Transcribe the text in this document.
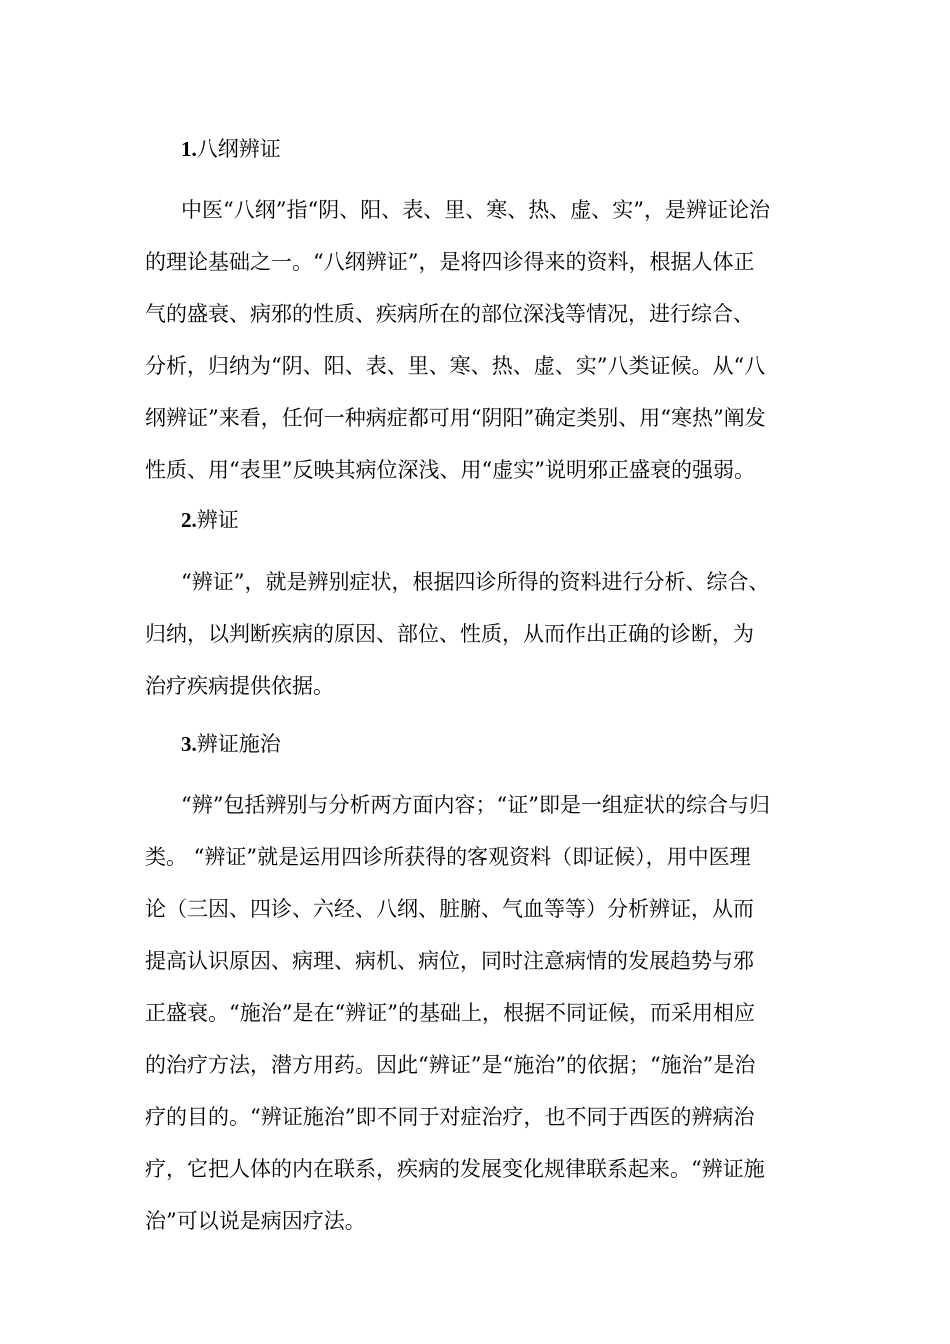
1.八纲辨证
中医“八纲”指“阴、阳、表、里、寒、热、虚、实”，是辨证论治
的理论基础之一。“八纲辨证”，是将四诊得来的资料，根据人体正
气的盛衰、病邪的性质、疾病所在的部位深浅等情况，进行综合、
分析，归纳为“阴、阳、表、里、寒、热、虚、实”八类证候。从“八
纲辨证”来看，任何一种病症都可用“阴阳”确定类别、用“寒热”阐发
性质、用“表里”反映其病位深浅、用“虚实”说明邪正盛衰的强弱。
2.辨证
“辨证”，就是辨别症状，根据四诊所得的资料进行分析、综合、
归纳，以判断疾病的原因、部位、性质，从而作出正确的诊断，为
治疗疾病提供依据。
3.辨证施治
“辨”包括辨别与分析两方面内容；“证”即是一组症状的综合与归
类。 “辨证”就是运用四诊所获得的客观资料（即证候），用中医理
论（三因、四诊、六经、八纲、脏腑、气血等等）分析辨证，从而
提高认识原因、病理、病机、病位，同时注意病情的发展趋势与邪
正盛衰。“施治”是在“辨证”的基础上，根据不同证候，而采用相应
的治疗方法，潜方用药。因此“辨证”是“施治”的依据；“施治”是治
疗的目的。“辨证施治”即不同于对症治疗，也不同于西医的辨病治
疗，它把人体的内在联系，疾病的发展变化规律联系起来。“辨证施
治”可以说是病因疗法。
